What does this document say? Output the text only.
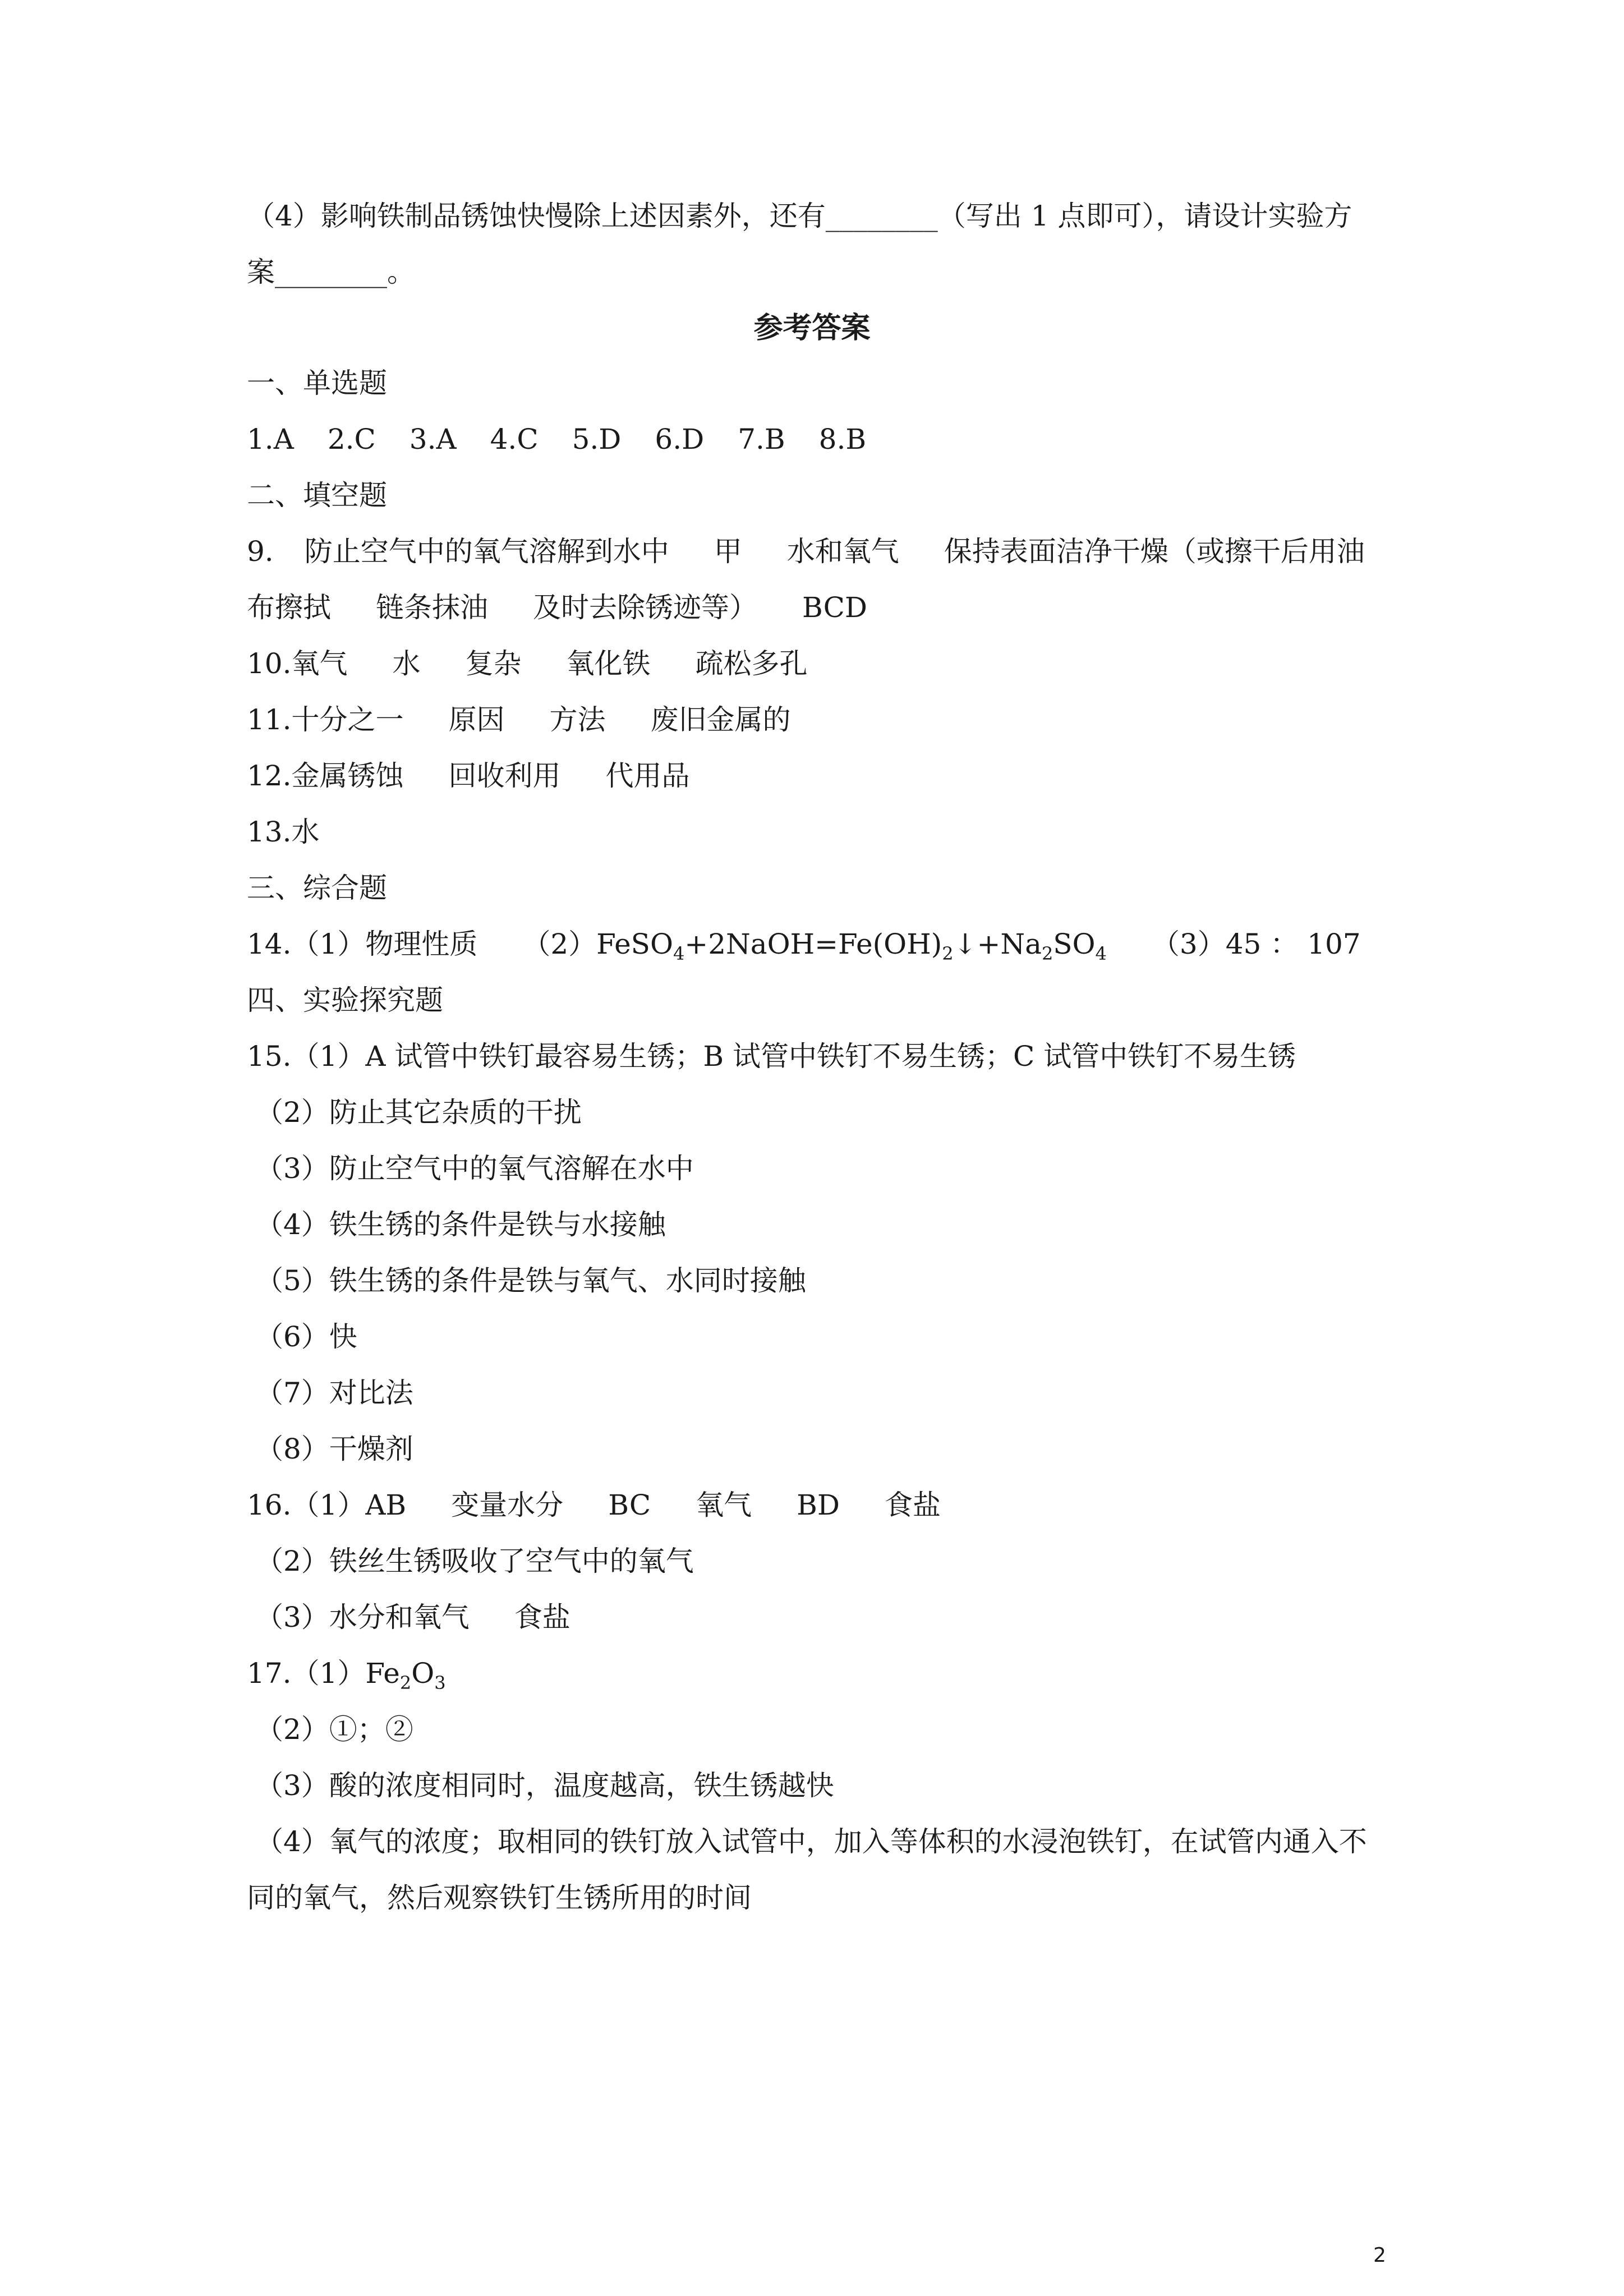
（4）影响铁制品锈蚀快慢除上述因素外，还有________（写出 1 点即可），请设计实验方
案________。
参考答案
一、单选题
1.A 2.C 3.A 4.C 5.D 6.D 7.B 8.B
二、填空题
9. 防止空气中的氧气溶解到水中 甲 水和氧气 保持表面洁净干燥（或擦干后用油
布擦拭 链条抹油 及时去除锈迹等） BCD
10.氧气 水 复杂 氧化铁 疏松多孔
11.十分之一 原因 方法 废旧金属的
12.金属锈蚀 回收利用 代用品
13.水
三、综合题
14.（1）物理性质 $(2)FeSO_4+2NaOH=Fe(OH)_2↓+Na_2SO_4$ （3）45 ： 107
四、实验探究题
15.（1）A 试管中铁钉最容易生锈；B 试管中铁钉不易生锈；C 试管中铁钉不易生锈
（2）防止其它杂质的干扰
（3）防止空气中的氧气溶解在水中
（4）铁生锈的条件是铁与水接触
（5）铁生锈的条件是铁与氧气、水同时接触
（6）快
（7）对比法
（8）干燥剂
16.（1）AB 变量水分 BC 氧气 BD 食盐
（2）铁丝生锈吸收了空气中的氧气
（3）水分和氧气 食盐
$17.(1)Fe_2O_3$
（2）①；②
（3）酸的浓度相同时，温度越高，铁生锈越快
（4）氧气的浓度；取相同的铁钉放入试管中，加入等体积的水浸泡铁钉，在试管内通入不
同的氧气，然后观察铁钉生锈所用的时间
2
